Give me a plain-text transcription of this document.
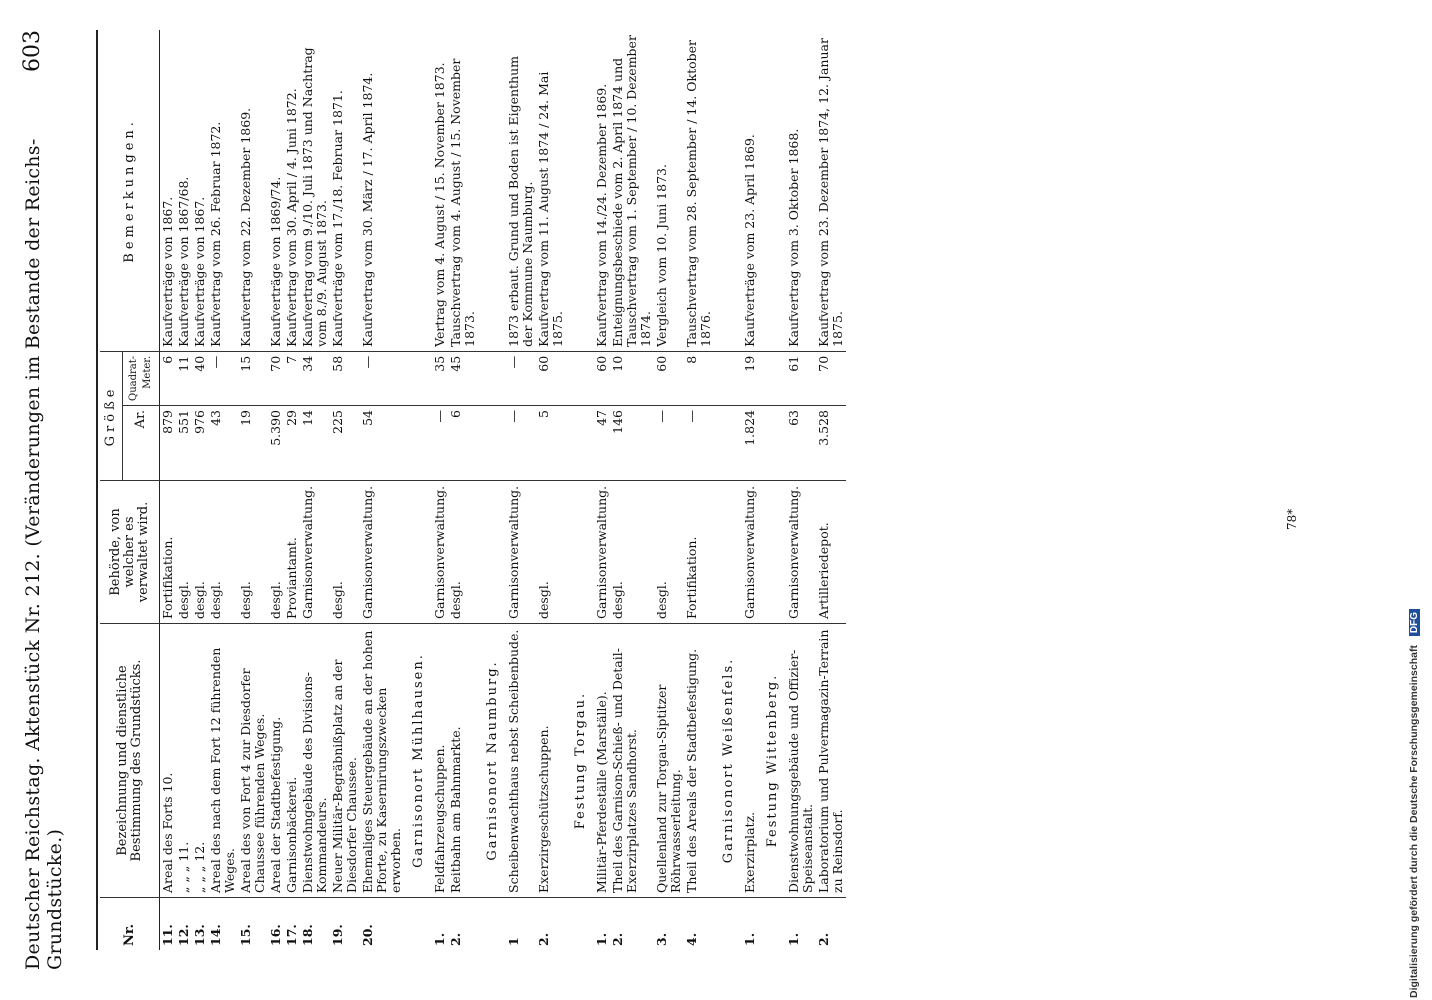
Deutscher Reichstag. Aktenstück Nr. 212. (Veränderungen im Bestande der Reichs-Grundstücke.)
603
Nr.	Bezeichnung und dienstliche Bestimmung des Grundstücks.	Behörde, von welcher es verwaltet wird.	Größe		Bemerkungen.
			Ar.	Quadrat-Meter.	
11.	Areal des Forts 10.	Fortifikation.	879	6	Kaufverträge von 1867.
12.	„ „ „ 11.	desgl.	551	11	Kaufverträge von 1867/68.
13.	„ „ „ 12.	desgl.	976	40	Kaufverträge von 1867.
14.	Areal des nach dem Fort 12 führenden Weges.	desgl.	43	—	Kaufvertrag vom 26. Februar 1872.
15.	Areal des von Fort 4 zur Diesdorfer Chaussee führenden Weges.	desgl.	19	15	Kaufvertrag vom 22. Dezember 1869.
16.	Areal der Stadtbefestigung.	desgl.	5.390	70	Kaufverträge von 1869/74.
17.	Garnisonbäckerei.	Proviantamt.	29	7	Kaufvertrag vom 30. April / 4. Juni 1872.
18.	Dienstwohngebäude des Divisions-Kommandeurs.	Garnisonverwaltung.	14	34	Kaufvertrag vom 9./10. Juli 1873 und Nachtrag vom 8./9. August 1873.
19.	Neuer Militär-Begräbnißplatz an der Diesdorfer Chaussee.	desgl.	225	58	Kaufverträge vom 17./18. Februar 1871.
20.	Ehemaliges Steuergebäude an der hohen Pforte, zu Kasernirungszwecken erworben.	Garnisonverwaltung.	54	—	Kaufvertrag vom 30. März / 17. April 1874.
	Garnisonort Mühlhausen.				
1.	Feldfahrzeugschuppen.	Garnisonverwaltung.	—	35	Vertrag vom 4. August / 15. November 1873.
2.	Reitbahn am Bahnmarkte.	desgl.	6	45	Tauschvertrag vom 4. August / 15. November 1873.
	Garnisonort Naumburg.				
1	Scheibenwachthaus nebst Scheibenbude.	Garnisonverwaltung.	—	—	1873 erbaut. Grund und Boden ist Eigenthum der Kommune Naumburg.
2.	Exerzirgeschützschuppen.	desgl.	5	60	Kaufvertrag vom 11. August 1874 / 24. Mai 1875.
	Festung Torgau.				
1.	Militär-Pferdeställe (Marställe).	Garnisonverwaltung.	47	60	Kaufvertrag vom 14./24. Dezember 1869.
2.	Theil des Garnison-Schieß- und Detail-Exerzirplatzes Sandhorst.	desgl.	146	10	Enteignungsbeschiede vom 2. April 1874 und Tauschvertrag vom 1. September / 10. Dezember 1874.
3.	Quellenland zur Torgau-Siptitzer Röhrwasserleitung.	desgl.	—	60	Vergleich vom 10. Juni 1873.
4.	Theil des Areals der Stadtbefestigung.	Fortifikation.	—	8	Tauschvertrag vom 28. September / 14. Oktober 1876.
	Garnisonort Weißenfels.				
1.	Exerzirplatz.	Garnisonverwaltung.	1.824	19	Kaufverträge vom 23. April 1869.
	Festung Wittenberg.				
1.	Dienstwohnungsgebäude und Offizier-Speiseanstalt.	Garnisonverwaltung.	63	61	Kaufvertrag vom 3. Oktober 1868.
2.	Laboratorium und Pulvermagazin-Terrain zu Reinsdorf.	Artilleriedepot.	3.528	70	Kaufvertrag vom 23. Dezember 1874, 12. Januar 1875.
78*
Digitalisierung gefördert durch die Deutsche Forschungsgemeinschaft DFG
